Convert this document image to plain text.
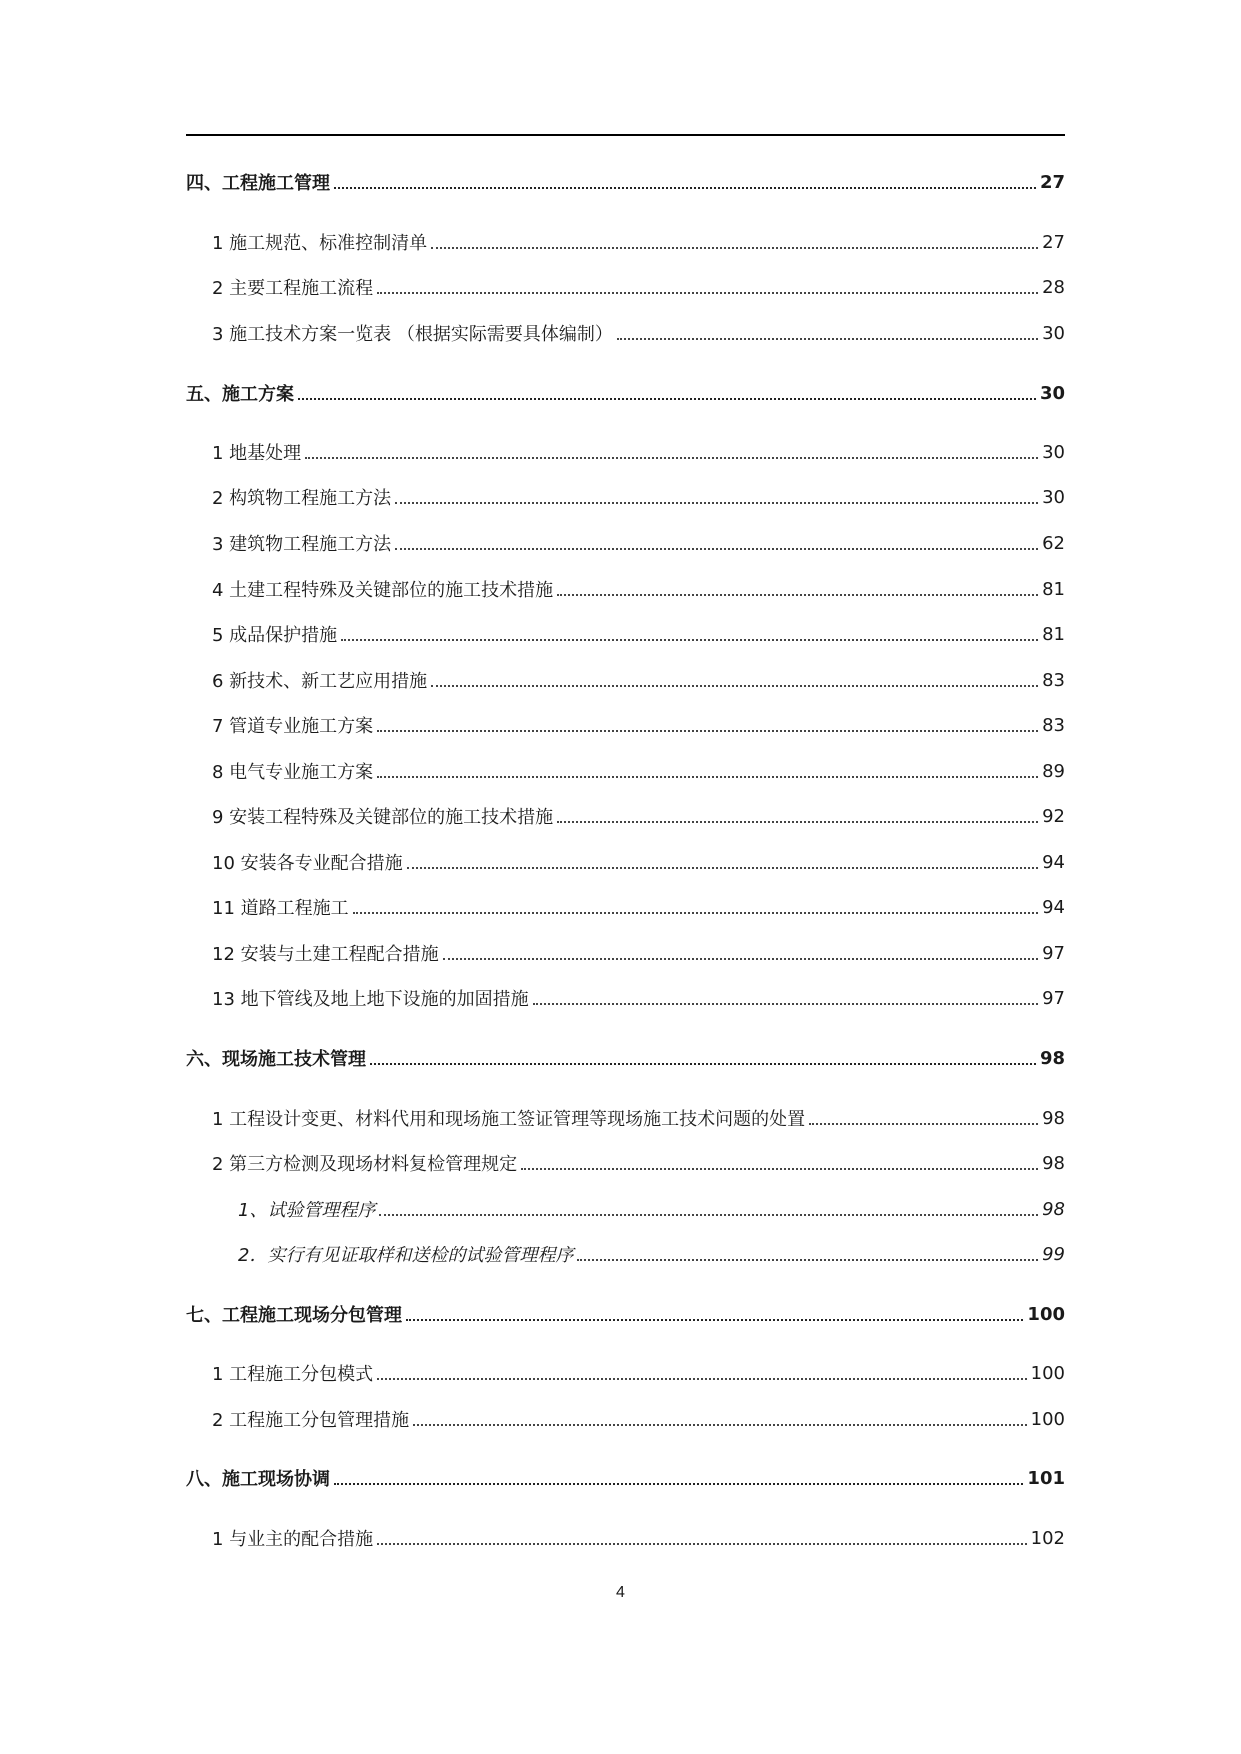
四、工程施工管理	27
1 施工规范、标准控制清单	27
2 主要工程施工流程	28
3 施工技术方案一览表 （根据实际需要具体编制）	30
五、施工方案	30
1 地基处理	30
2 构筑物工程施工方法	30
3 建筑物工程施工方法	62
4 土建工程特殊及关键部位的施工技术措施	81
5 成品保护措施	81
6 新技术、新工艺应用措施	83
7 管道专业施工方案	83
8 电气专业施工方案	89
9 安装工程特殊及关键部位的施工技术措施	92
10 安装各专业配合措施	94
11 道路工程施工	94
12 安装与土建工程配合措施	97
13 地下管线及地上地下设施的加固措施	97
六、现场施工技术管理	98
1 工程设计变更、材料代用和现场施工签证管理等现场施工技术问题的处置	98
2 第三方检测及现场材料复检管理规定	98
1、试验管理程序	98
2．实行有见证取样和送检的试验管理程序	99
七、工程施工现场分包管理	100
1 工程施工分包模式	100
2 工程施工分包管理措施	100
八、施工现场协调	101
1 与业主的配合措施	102
4
